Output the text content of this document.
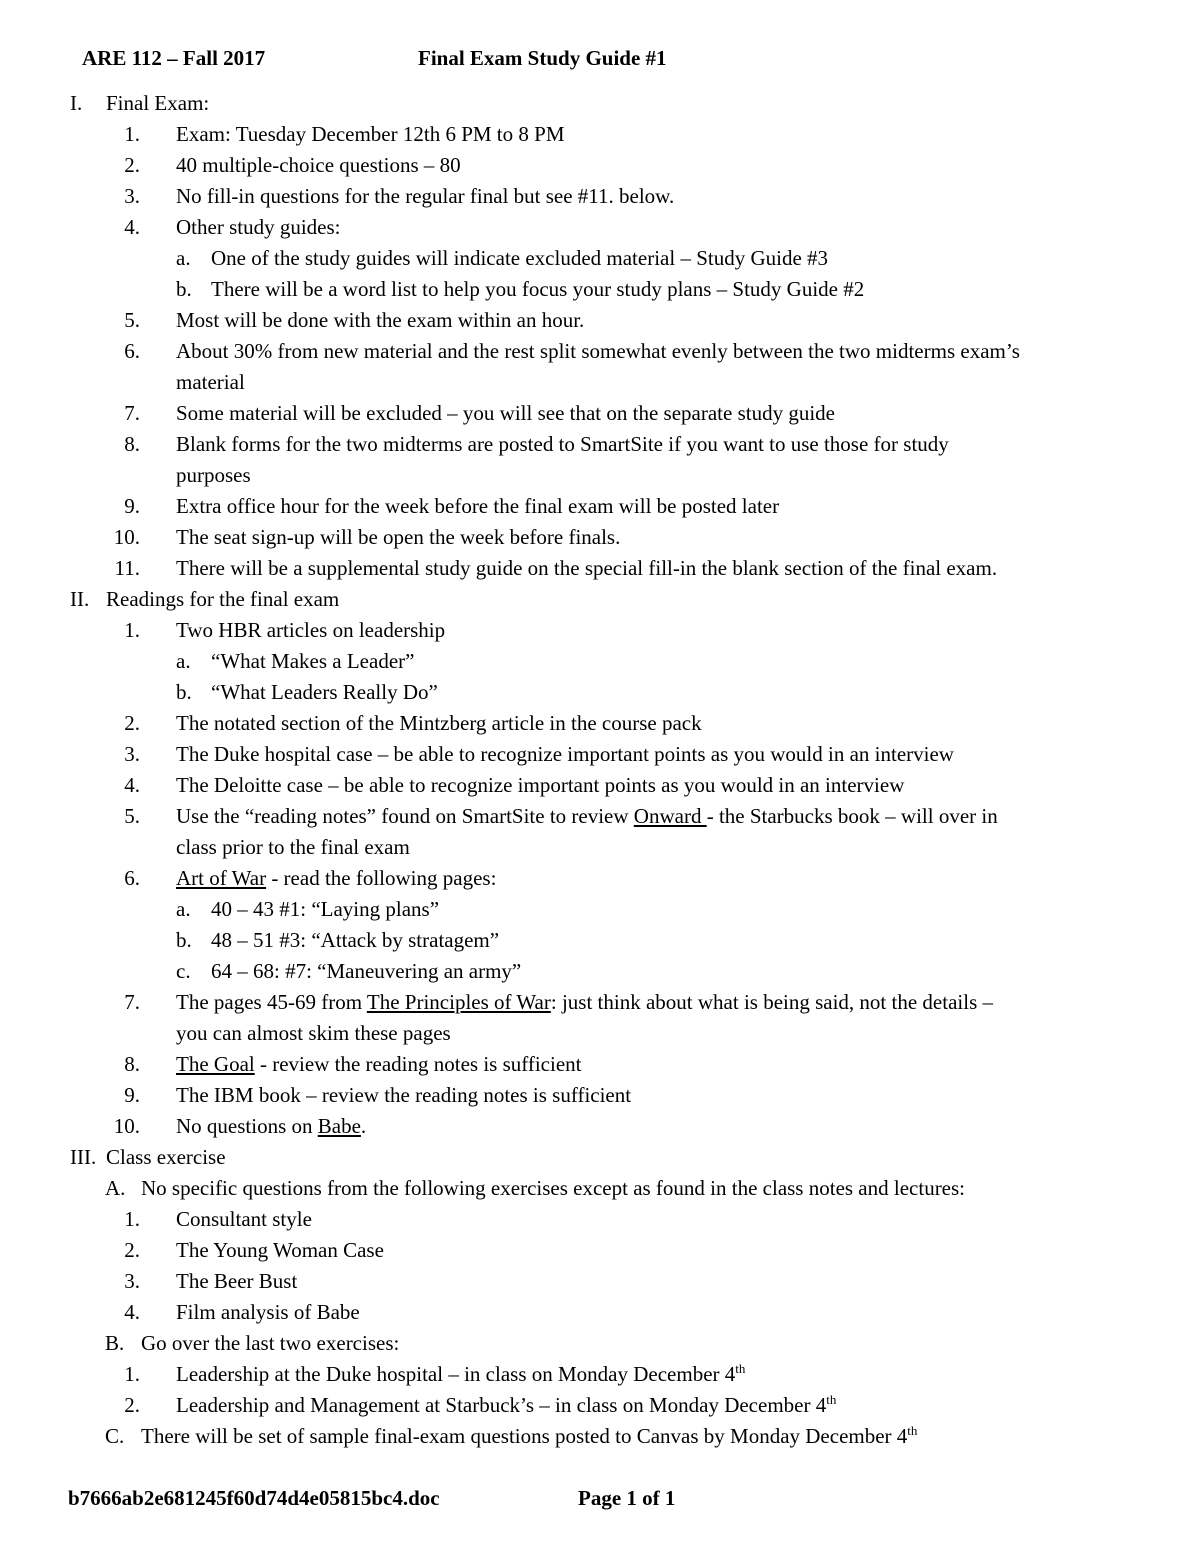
ARE 112 – Fall 2017	Final Exam Study Guide #1
I. Final Exam:
1. Exam: Tuesday December 12th 6 PM to 8 PM
2. 40 multiple-choice questions – 80
3. No fill-in questions for the regular final but see #11. below.
4. Other study guides:
a. One of the study guides will indicate excluded material – Study Guide #3
b. There will be a word list to help you focus your study plans – Study Guide #2
5. Most will be done with the exam within an hour.
6. About 30% from new material and the rest split somewhat evenly between the two midterms exam’s
material
7. Some material will be excluded – you will see that on the separate study guide
8. Blank forms for the two midterms are posted to SmartSite if you want to use those for study
purposes
9. Extra office hour for the week before the final exam will be posted later
10. The seat sign-up will be open the week before finals.
11. There will be a supplemental study guide on the special fill-in the blank section of the final exam.
II. Readings for the final exam
1. Two HBR articles on leadership
a. “What Makes a Leader”
b. “What Leaders Really Do”
2. The notated section of the Mintzberg article in the course pack
3. The Duke hospital case – be able to recognize important points as you would in an interview
4. The Deloitte case – be able to recognize important points as you would in an interview
5. Use the “reading notes” found on SmartSite to review Onward - the Starbucks book – will over in
class prior to the final exam
6. Art of War - read the following pages:
a. 40 – 43 #1: “Laying plans”
b. 48 – 51 #3: “Attack by stratagem”
c. 64 – 68: #7: “Maneuvering an army”
7. The pages 45-69 from The Principles of War: just think about what is being said, not the details –
you can almost skim these pages
8. The Goal - review the reading notes is sufficient
9. The IBM book – review the reading notes is sufficient
10. No questions on Babe.
III. Class exercise
A. No specific questions from the following exercises except as found in the class notes and lectures:
1. Consultant style
2. The Young Woman Case
3. The Beer Bust
4. Film analysis of Babe
B. Go over the last two exercises:
1. Leadership at the Duke hospital – in class on Monday December 4th
2. Leadership and Management at Starbuck’s – in class on Monday December 4th
C. There will be set of sample final-exam questions posted to Canvas by Monday December 4th
b7666ab2e681245f60d74d4e05815bc4.doc	Page 1 of 1
